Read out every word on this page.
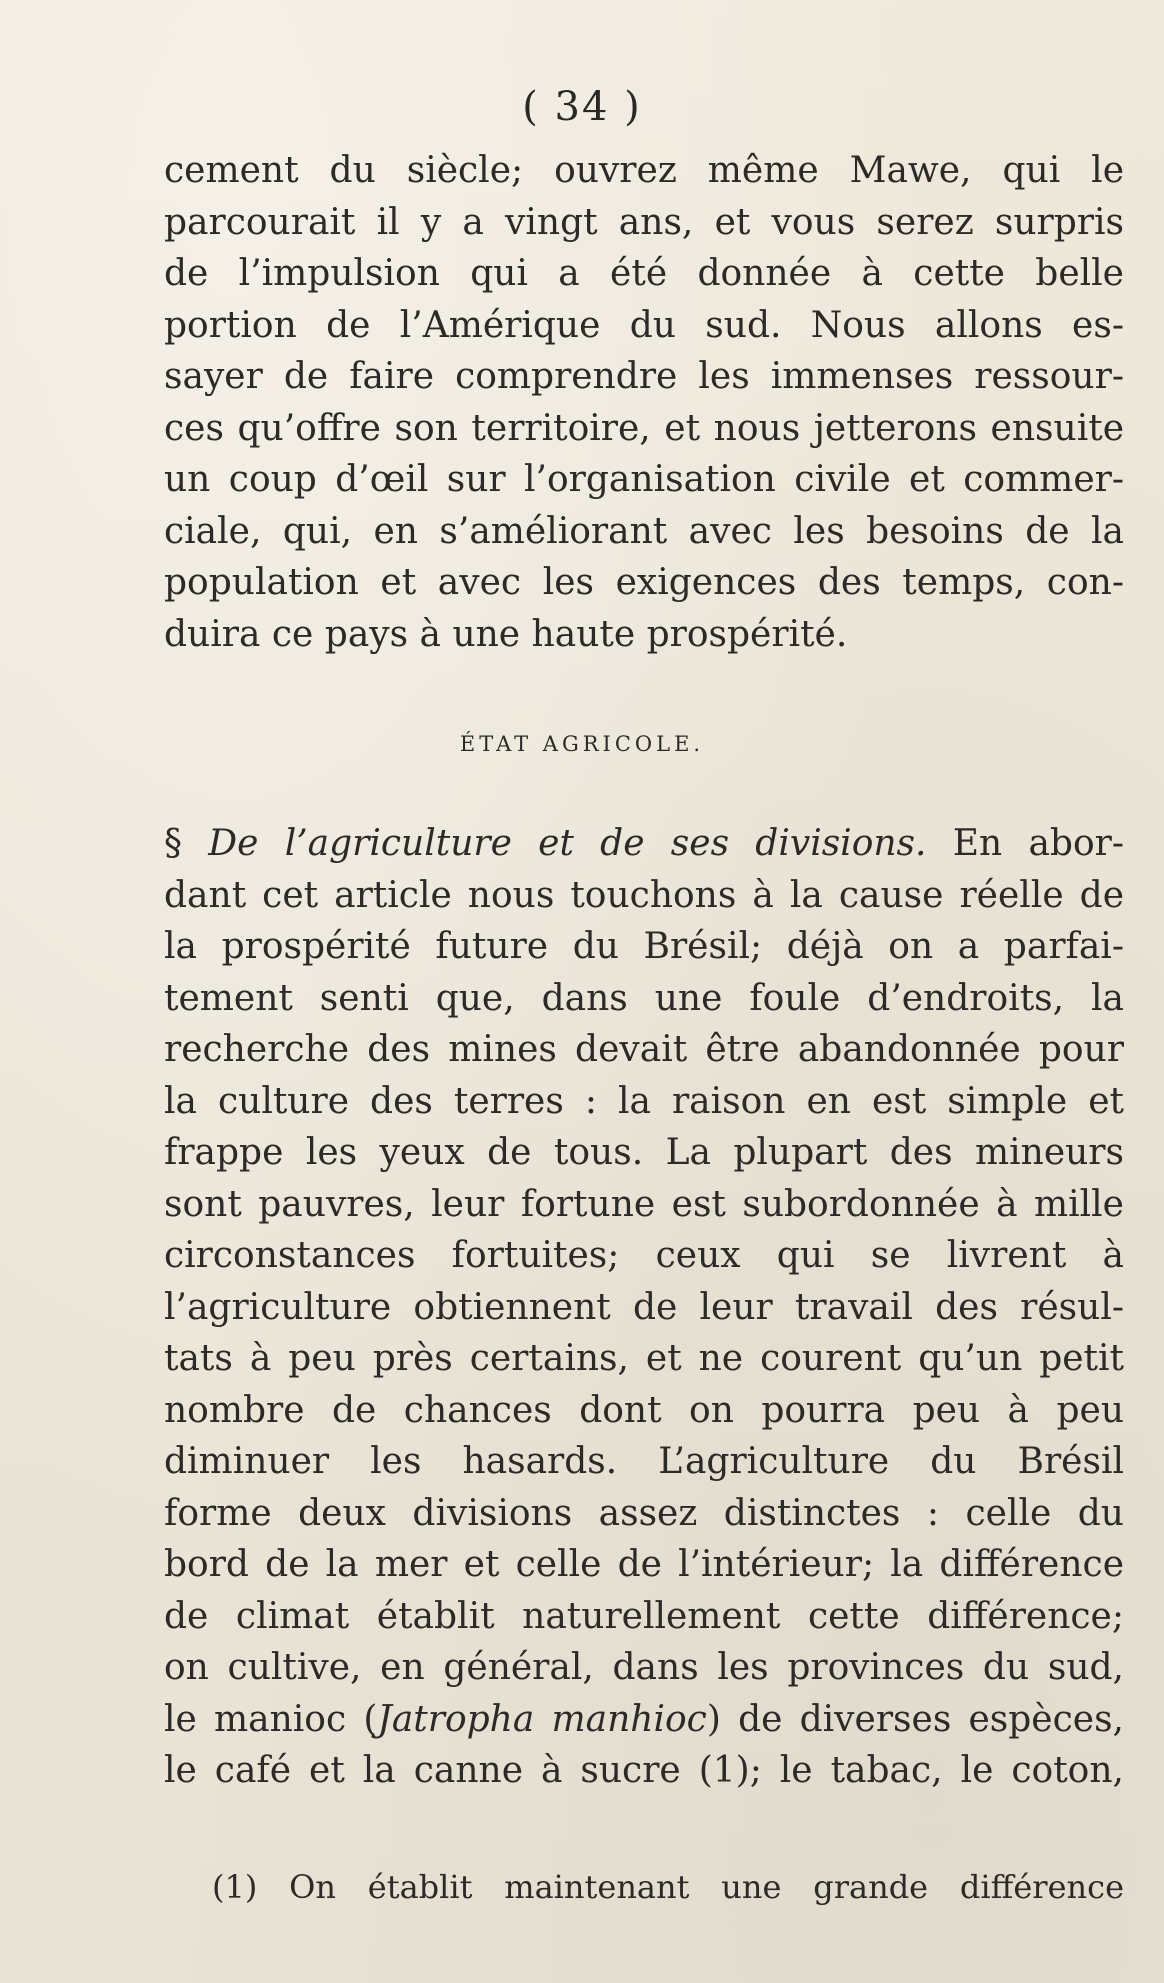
( 34 )

cement du siècle; ouvrez même Mawe, qui le
parcourait il y a vingt ans, et vous serez surpris
de l’impulsion qui a été donnée à cette belle
portion de l’Amérique du sud. Nous allons es-
sayer de faire comprendre les immenses ressour-
ces qu’offre son territoire, et nous jetterons ensuite
un coup d’œil sur l’organisation civile et commer-
ciale, qui, en s’améliorant avec les besoins de la
population et avec les exigences des temps, con-
duira ce pays à une haute prospérité.

ÉTAT AGRICOLE.

§ De l’agriculture et de ses divisions. En abor-
dant cet article nous touchons à la cause réelle de
la prospérité future du Brésil; déjà on a parfai-
tement senti que, dans une foule d’endroits, la
recherche des mines devait être abandonnée pour
la culture des terres : la raison en est simple et
frappe les yeux de tous. La plupart des mineurs
sont pauvres, leur fortune est subordonnée à mille
circonstances fortuites; ceux qui se livrent à
l’agriculture obtiennent de leur travail des résul-
tats à peu près certains, et ne courent qu’un petit
nombre de chances dont on pourra peu à peu
diminuer les hasards. L’agriculture du Brésil
forme deux divisions assez distinctes : celle du
bord de la mer et celle de l’intérieur; la différence
de climat établit naturellement cette différence;
on cultive, en général, dans les provinces du sud,
le manioc (Jatropha manhioc) de diverses espèces,
le café et la canne à sucre (1); le tabac, le coton,

(1) On établit maintenant une grande différence
